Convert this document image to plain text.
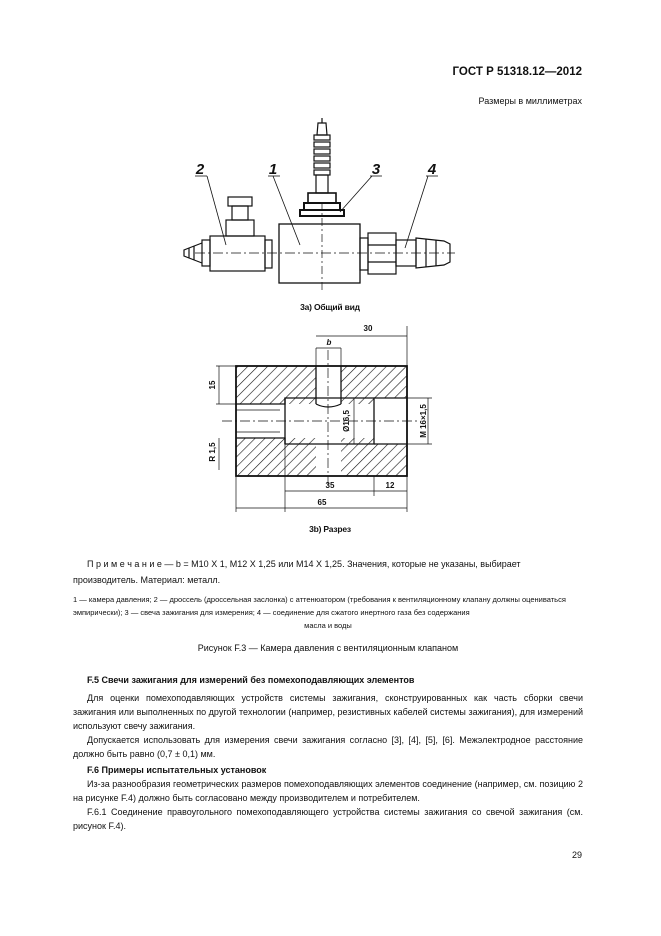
ГОСТ Р 51318.12—2012
Размеры в миллиметрах
2	1	3	4
3а) Общий вид
30
b
15
R 1,5
Ø16,5	M 16×1,5
35	12
65
3b) Разрез
П р и м е ч а н и е — b = M10 X 1, M12 X 1,25 или M14 X 1,25. Значения, которые не указаны, выбирает производитель. Материал: металл.
1 — камера давления; 2 — дроссель (дроссельная заслонка) с аттенюатором (требования к вентиляционному клапану должны оцениваться эмпирически); 3 — свеча зажигания для измерения; 4 — соединение для сжатого инертного газа без содержания
масла и воды
Рисунок F.3 — Камера давления с вентиляционным клапаном
F.5 Свечи зажигания для измерений без помехоподавляющих элементов
Для оценки помехоподавляющих устройств системы зажигания, сконструированных как часть сборки свечи зажигания или выполненных по другой технологии (например, резистивных кабелей системы зажигания), для измерений используют свечу зажигания.
Допускается использовать для измерения свечи зажигания согласно [3], [4], [5], [6]. Межэлектродное расстояние должно быть равно (0,7 ± 0,1) мм.
F.6 Примеры испытательных установок
Из-за разнообразия геометрических размеров помехоподавляющих элементов соединение (например, см. позицию 2 на рисунке F.4) должно быть согласовано между производителем и потребителем.
F.6.1 Соединение правоугольного помехоподавляющего устройства системы зажигания со свечой зажигания (см. рисунок F.4).
29
